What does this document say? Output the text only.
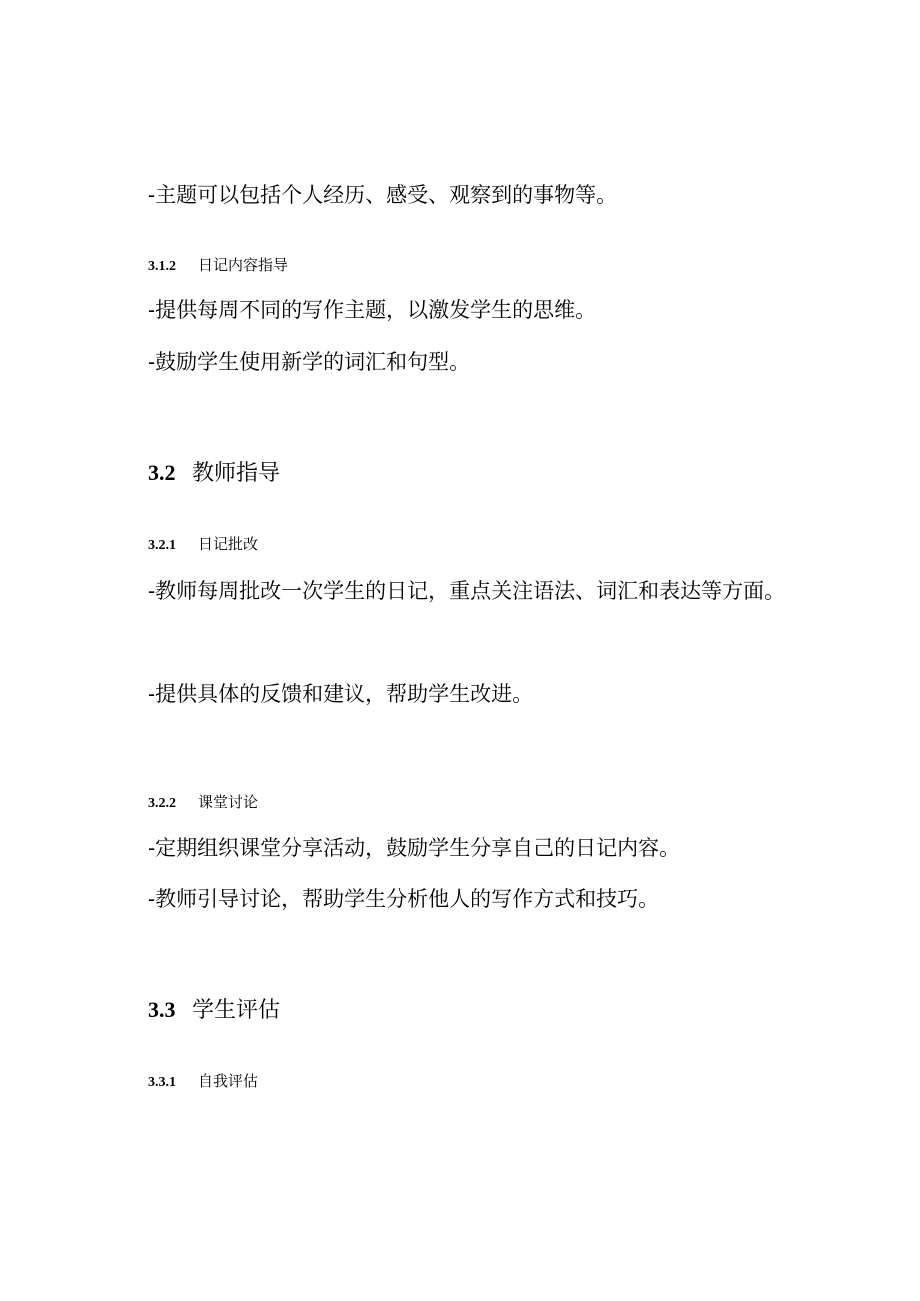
-主题可以包括个人经历、感受、观察到的事物等。
3.1.2 日记内容指导
-提供每周不同的写作主题，以激发学生的思维。
-鼓励学生使用新学的词汇和句型。
3.2 教师指导
3.2.1 日记批改
-教师每周批改一次学生的日记，重点关注语法、词汇和表达等方面。
-提供具体的反馈和建议，帮助学生改进。
3.2.2 课堂讨论
-定期组织课堂分享活动，鼓励学生分享自己的日记内容。
-教师引导讨论，帮助学生分析他人的写作方式和技巧。
3.3 学生评估
3.3.1 自我评估
